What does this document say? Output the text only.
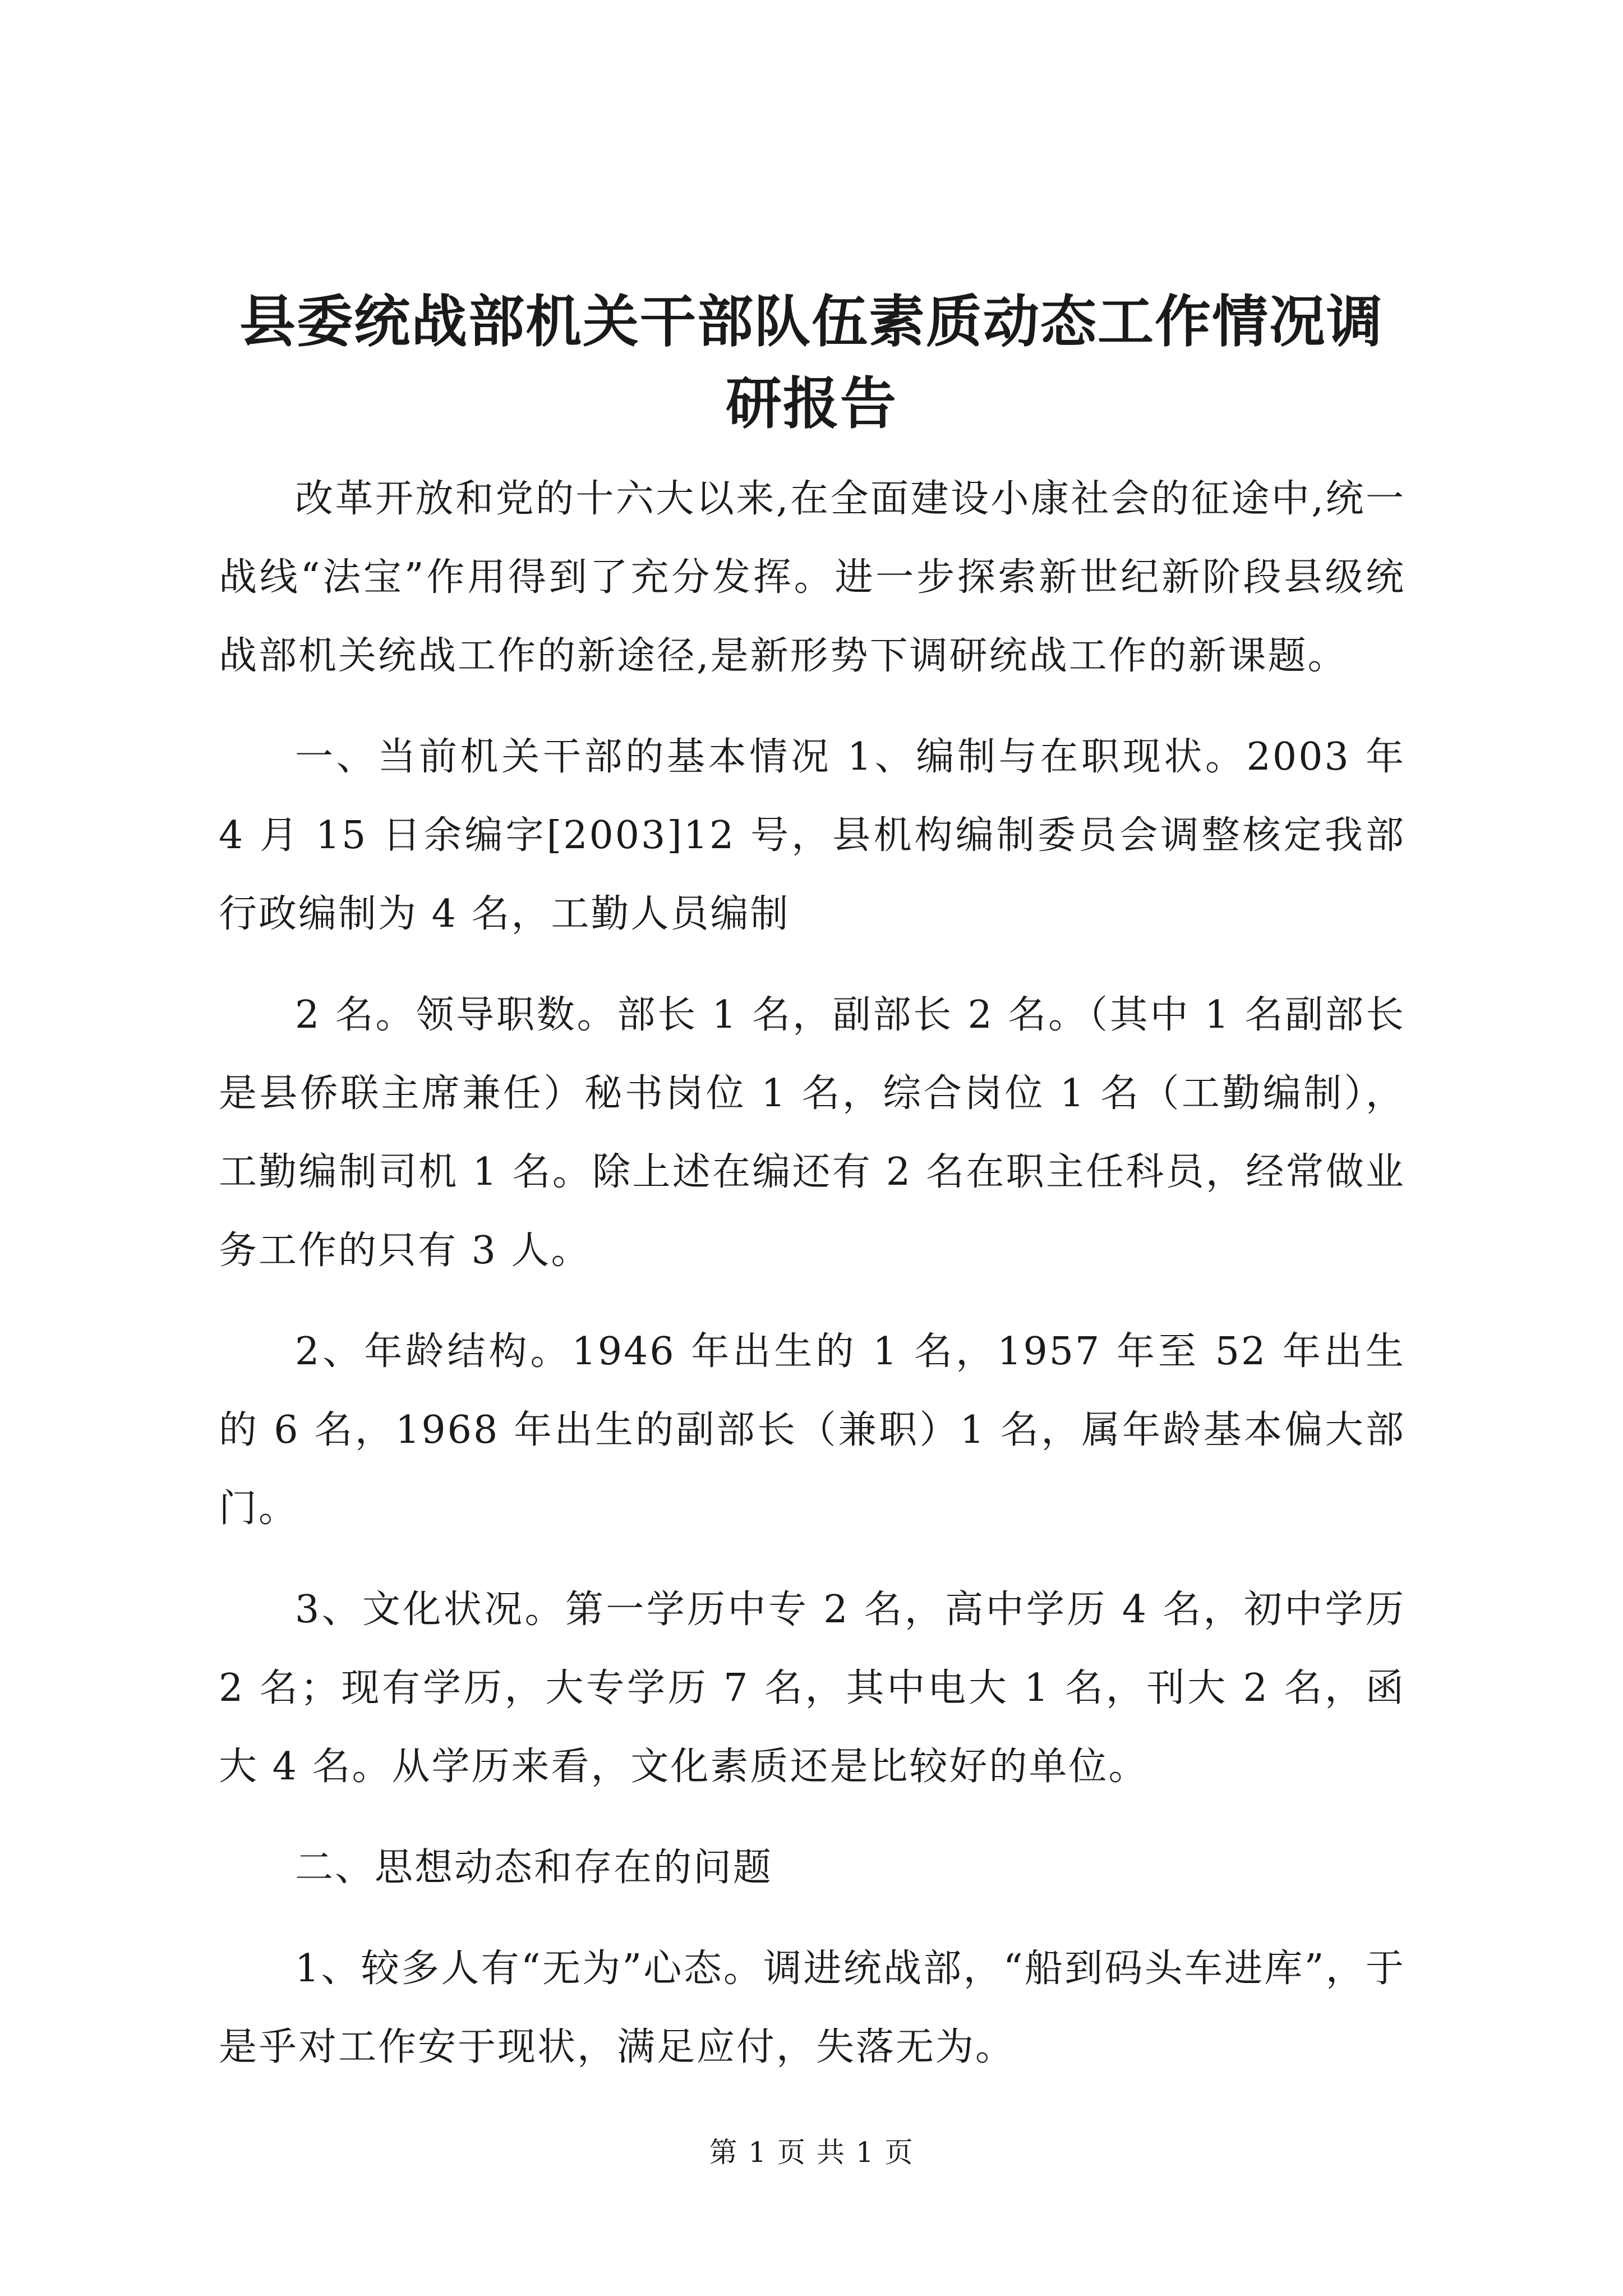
县委统战部机关干部队伍素质动态工作情况调研报告

改革开放和党的十六大以来,在全面建设小康社会的征途中,统一战线“法宝”作用得到了充分发挥。进一步探索新世纪新阶段县级统战部机关统战工作的新途径,是新形势下调研统战工作的新课题。

一、当前机关干部的基本情况 1、编制与在职现状。2003 年 4 月 15 日余编字[2003]12 号，县机构编制委员会调整核定我部行政编制为 4 名，工勤人员编制

2 名。领导职数。部长 1 名，副部长 2 名。（其中 1 名副部长是县侨联主席兼任）秘书岗位 1 名，综合岗位 1 名（工勤编制），工勤编制司机 1 名。除上述在编还有 2 名在职主任科员，经常做业务工作的只有 3 人。

2、年龄结构。1946 年出生的 1 名，1957 年至 52 年出生的 6 名，1968 年出生的副部长（兼职）1 名，属年龄基本偏大部门。

3、文化状况。第一学历中专 2 名，高中学历 4 名，初中学历 2 名；现有学历，大专学历 7 名，其中电大 1 名，刊大 2 名，函大 4 名。从学历来看，文化素质还是比较好的单位。

二、思想动态和存在的问题

1、较多人有“无为”心态。调进统战部，“船到码头车进库”，于是乎对工作安于现状，满足应付，失落无为。

第 1 页 共 1 页
